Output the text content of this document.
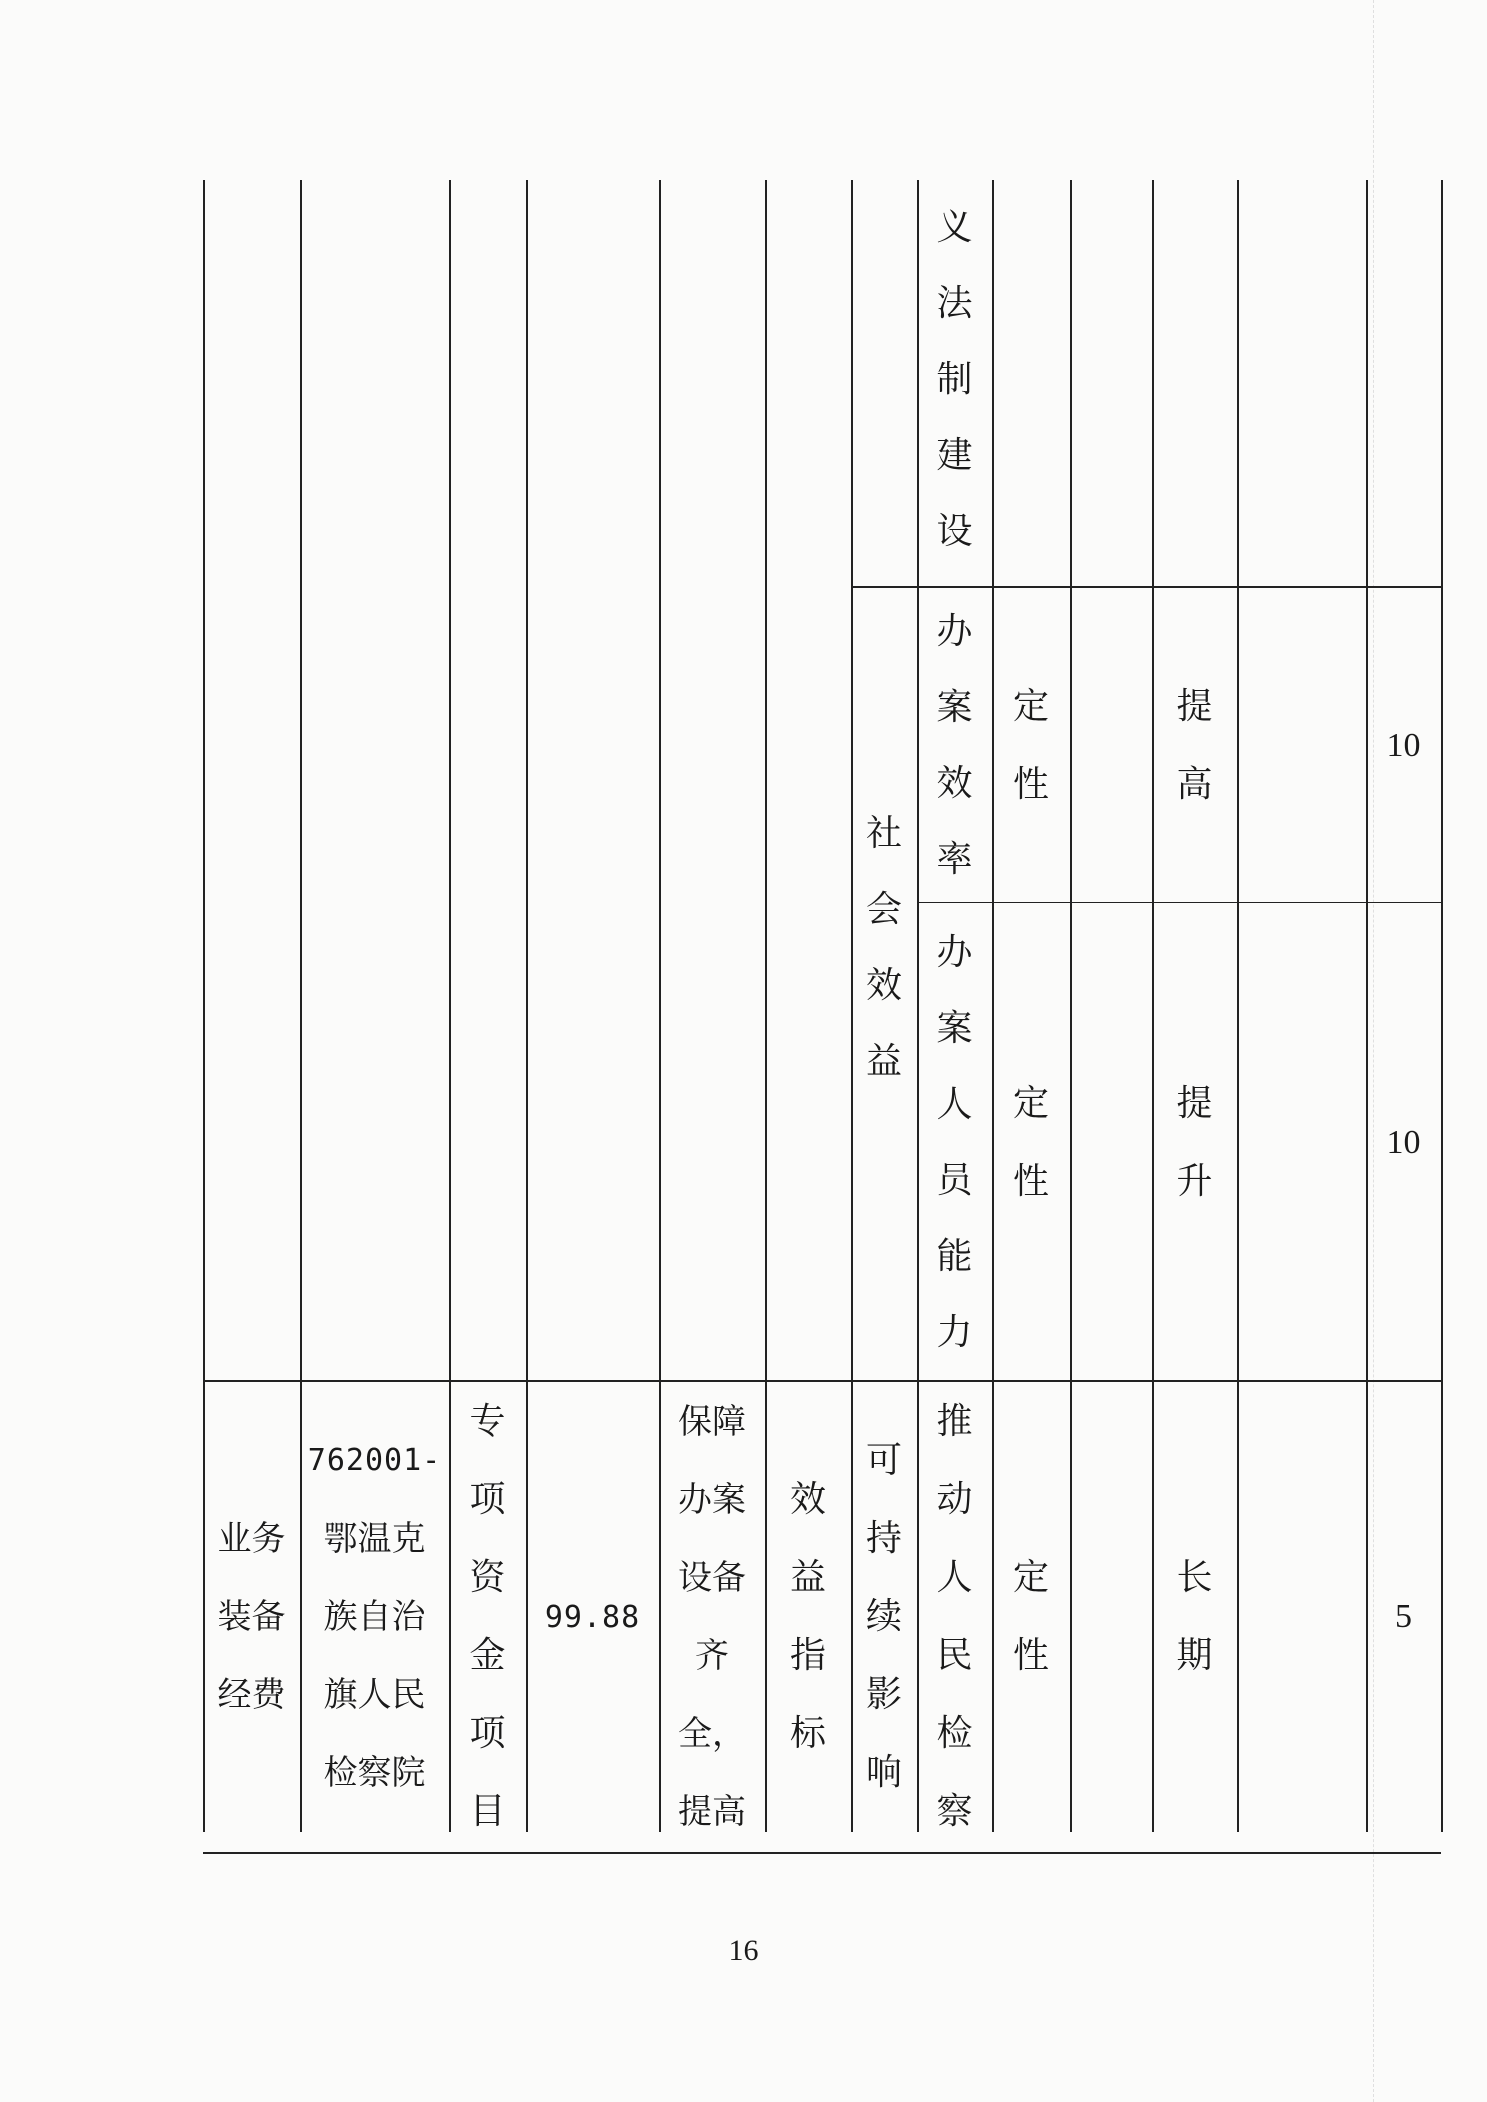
义法制建设
社会效益
办案效率
定性
提高
10
办案人员能力
定性
提升
10
业务装备经费
762001-
鄂温克族自治旗人民检察院
专项资金项目
99.88
保障办案设备齐全，提高
效益指标
可持续影响
推动人民检察
定性
长期
5
16
